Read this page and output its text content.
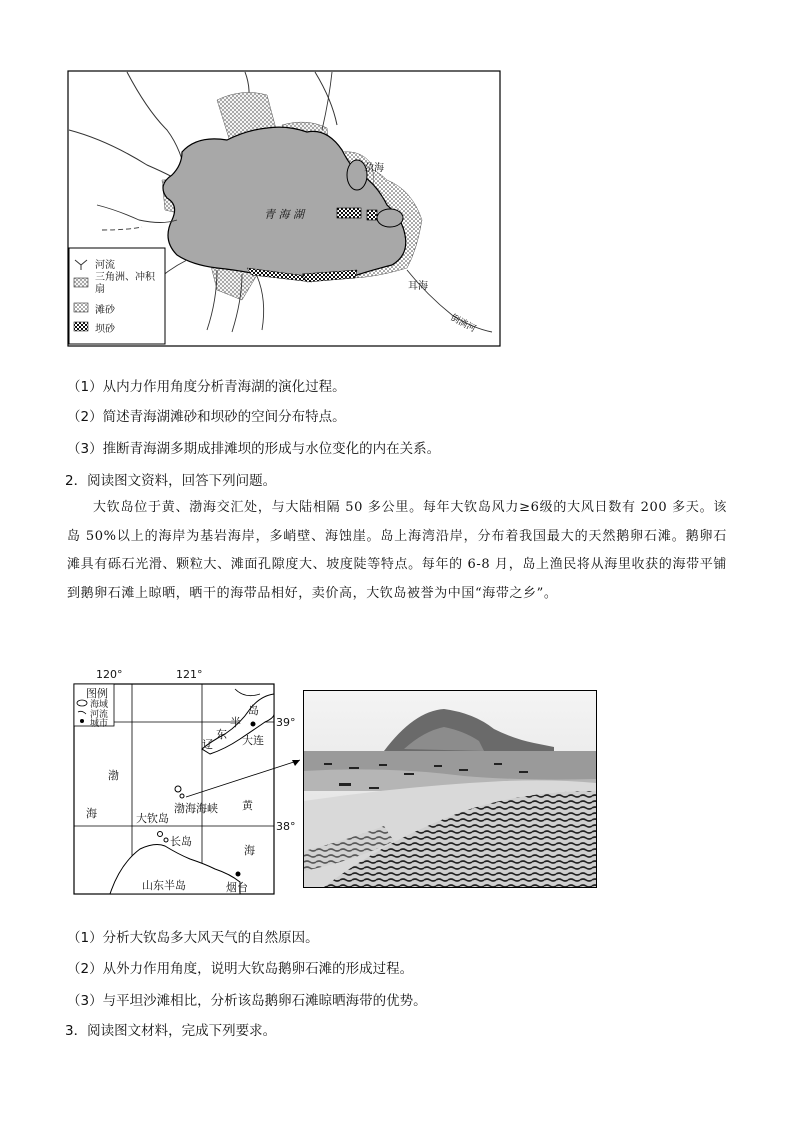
青 海 湖
尕海
耳海
倒淌河
河流
三角洲、冲积扇
滩砂
坝砂
（1）从内力作用角度分析青海湖的演化过程。
（2）简述青海湖滩砂和坝砂的空间分布特点。
（3）推断青海湖多期成排滩坝的形成与水位变化的内在关系。
2．阅读图文资料，回答下列问题。
大钦岛位于黄、渤海交汇处，与大陆相隔 50 多公里。每年大钦岛风力≥6级的大风日数有 200 多天。该岛 50%以上的海岸为基岩海岸，多峭壁、海蚀崖。岛上海湾沿岸，分布着我国最大的天然鹅卵石滩。鹅卵石滩具有砾石光滑、颗粒大、滩面孔隙度大、坡度陡等特点。每年的 6-8 月，岛上渔民将从海里收获的海带平铺到鹅卵石滩上晾晒，晒干的海带品相好，卖价高，大钦岛被誉为中国“海带之乡”。
120°	121°
39°
38°
图例
海域
河流
城市
渤
海
黄
海
大钦岛
渤海海峡
长岛
山东半岛	烟台
大连
辽
东
半
岛
（1）分析大钦岛多大风天气的自然原因。
（2）从外力作用角度，说明大钦岛鹅卵石滩的形成过程。
（3）与平坦沙滩相比，分析该岛鹅卵石滩晾晒海带的优势。
3．阅读图文材料，完成下列要求。
